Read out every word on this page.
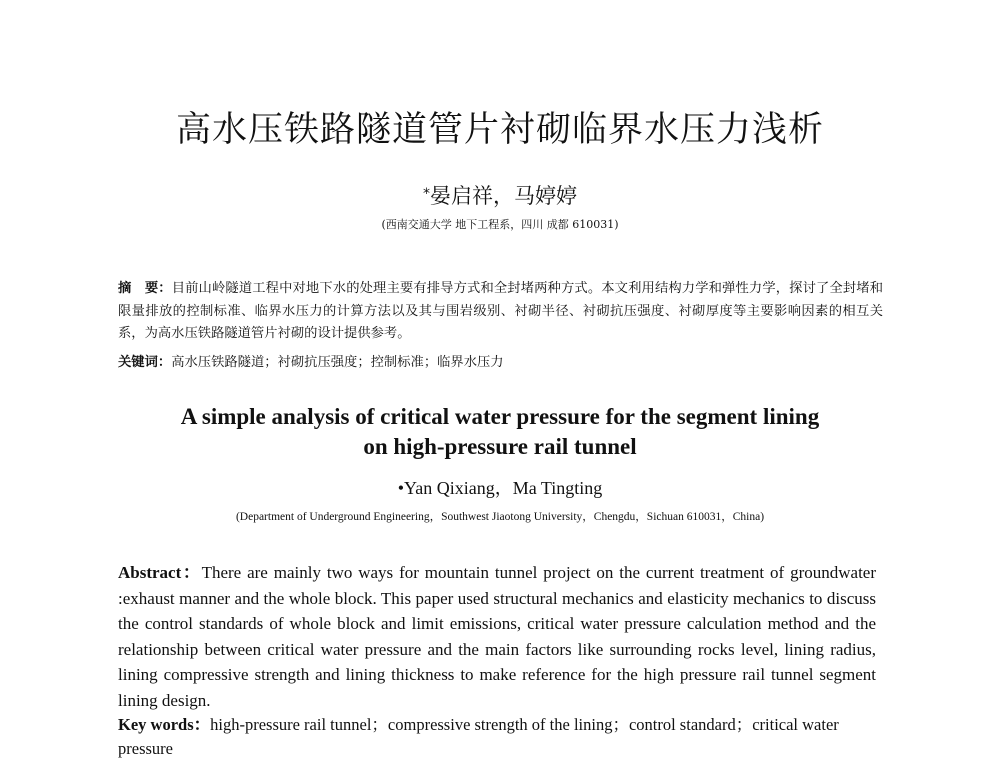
高水压铁路隧道管片衬砌临界水压力浅析
*晏启祥，马婷婷
(西南交通大学 地下工程系，四川 成都 610031)
摘　要：目前山岭隧道工程中对地下水的处理主要有排导方式和全封堵两种方式。本文利用结构力学和弹性力学，探讨了全封堵和限量排放的控制标准、临界水压力的计算方法以及其与围岩级别、衬砌半径、衬砌抗压强度、衬砌厚度等主要影响因素的相互关系，为高水压铁路隧道管片衬砌的设计提供参考。
关键词：高水压铁路隧道；衬砌抗压强度；控制标准；临界水压力
A simple analysis of critical water pressure for the segment lining
on high-pressure rail tunnel
•Yan Qixiang，Ma Tingting
(Department of Underground Engineering，Southwest Jiaotong University，Chengdu，Sichuan 610031，China)
Abstract：There are mainly two ways for mountain tunnel project on the current treatment of groundwater :exhaust manner and the whole block. This paper used structural mechanics and elasticity mechanics to discuss the control standards of whole block and limit emissions, critical water pressure calculation method and the relationship between critical water pressure and the main factors like surrounding rocks level, lining radius, lining compressive strength and lining thickness to make reference for the high pressure rail tunnel segment lining design.
Key words：high-pressure rail tunnel；compressive strength of the lining；control standard；critical water pressure
